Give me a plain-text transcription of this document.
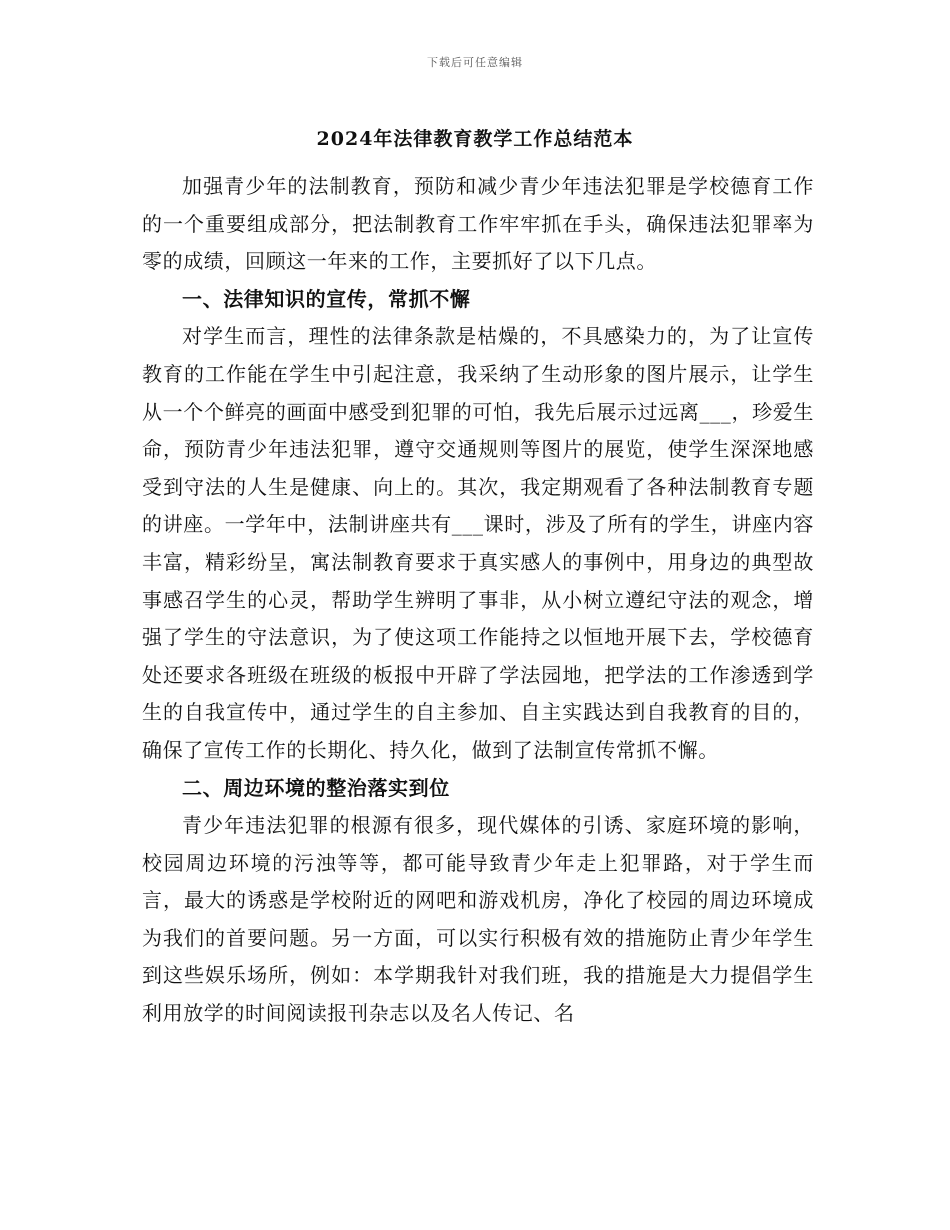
下载后可任意编辑
2024年法律教育教学工作总结范本

加强青少年的法制教育，预防和减少青少年违法犯罪是学校德育工作的一个重要组成部分，把法制教育工作牢牢抓在手头，确保违法犯罪率为零的成绩，回顾这一年来的工作，主要抓好了以下几点。

一、法律知识的宣传，常抓不懈

对学生而言，理性的法律条款是枯燥的，不具感染力的，为了让宣传教育的工作能在学生中引起注意，我采纳了生动形象的图片展示，让学生从一个个鲜亮的画面中感受到犯罪的可怕，我先后展示过远离___，珍爱生命，预防青少年违法犯罪，遵守交通规则等图片的展览，使学生深深地感受到守法的人生是健康、向上的。其次，我定期观看了各种法制教育专题的讲座。一学年中，法制讲座共有___课时，涉及了所有的学生，讲座内容丰富，精彩纷呈，寓法制教育要求于真实感人的事例中，用身边的典型故事感召学生的心灵，帮助学生辨明了事非，从小树立遵纪守法的观念，增强了学生的守法意识，为了使这项工作能持之以恒地开展下去，学校德育处还要求各班级在班级的板报中开辟了学法园地，把学法的工作渗透到学生的自我宣传中，通过学生的自主参加、自主实践达到自我教育的目的，确保了宣传工作的长期化、持久化，做到了法制宣传常抓不懈。

二、周边环境的整治落实到位

青少年违法犯罪的根源有很多，现代媒体的引诱、家庭环境的影响，校园周边环境的污浊等等，都可能导致青少年走上犯罪路，对于学生而言，最大的诱惑是学校附近的网吧和游戏机房，净化了校园的周边环境成为我们的首要问题。另一方面，可以实行积极有效的措施防止青少年学生到这些娱乐场所，例如：本学期我针对我们班，我的措施是大力提倡学生利用放学的时间阅读报刊杂志以及名人传记、名
